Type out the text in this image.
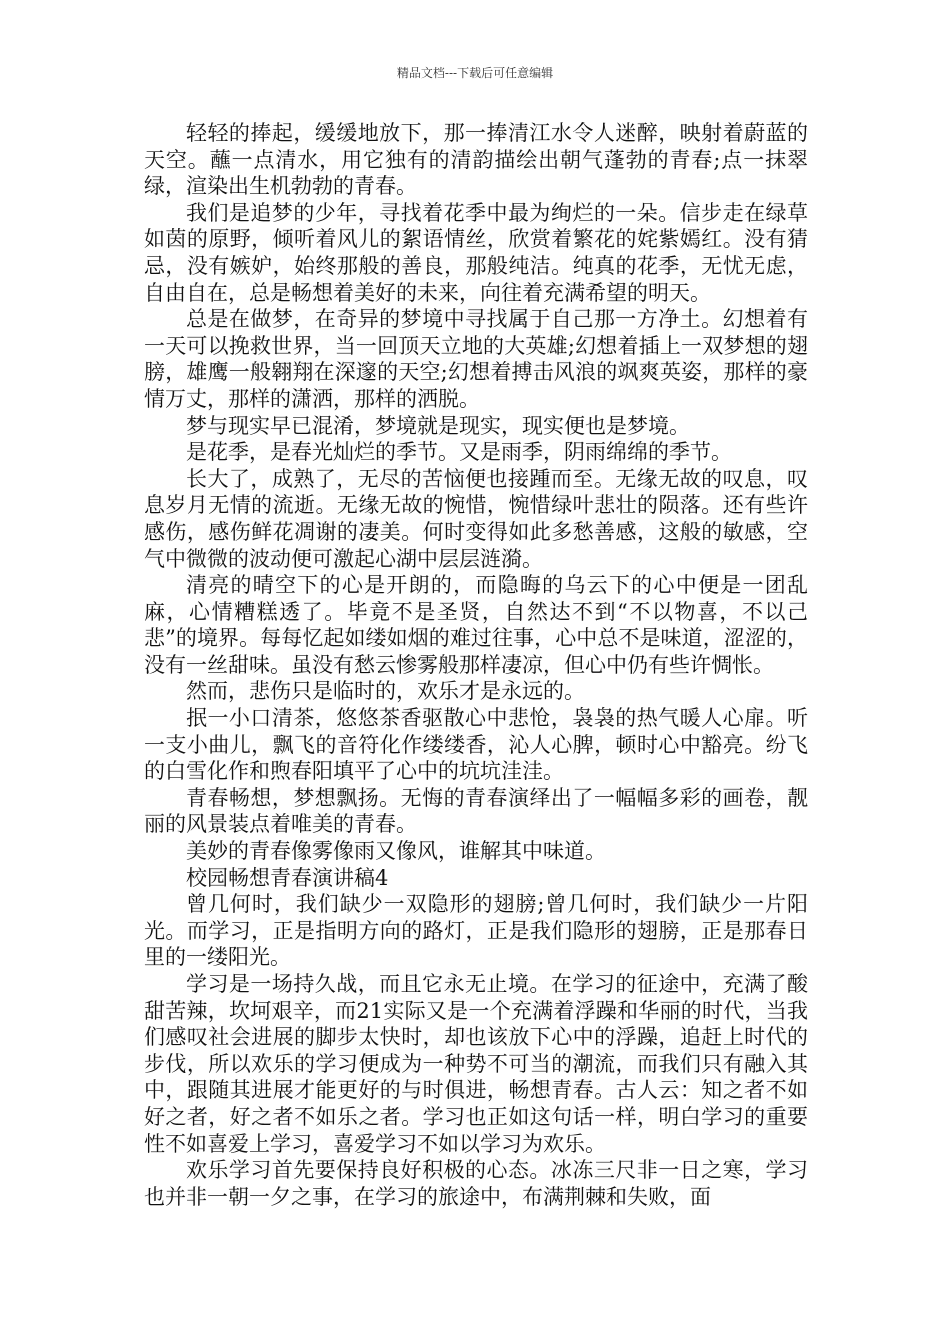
精品文档---下载后可任意编辑

轻轻的捧起，缓缓地放下，那一捧清江水令人迷醉，映射着蔚蓝的天空。蘸一点清水，用它独有的清韵描绘出朝气蓬勃的青春;点一抹翠绿，渲染出生机勃勃的青春。

我们是追梦的少年，寻找着花季中最为绚烂的一朵。信步走在绿草如茵的原野，倾听着风儿的絮语情丝，欣赏着繁花的姹紫嫣红。没有猜忌，没有嫉妒，始终那般的善良，那般纯洁。纯真的花季，无忧无虑，自由自在，总是畅想着美好的未来，向往着充满希望的明天。

总是在做梦，在奇异的梦境中寻找属于自己那一方净土。幻想着有一天可以挽救世界，当一回顶天立地的大英雄;幻想着插上一双梦想的翅膀，雄鹰一般翱翔在深邃的天空;幻想着搏击风浪的飒爽英姿，那样的豪情万丈，那样的潇洒，那样的洒脱。

梦与现实早已混淆，梦境就是现实，现实便也是梦境。

是花季，是春光灿烂的季节。又是雨季，阴雨绵绵的季节。

长大了，成熟了，无尽的苦恼便也接踵而至。无缘无故的叹息，叹息岁月无情的流逝。无缘无故的惋惜，惋惜绿叶悲壮的陨落。还有些许感伤，感伤鲜花凋谢的凄美。何时变得如此多愁善感，这般的敏感，空气中微微的波动便可激起心湖中层层涟漪。

清亮的晴空下的心是开朗的，而隐晦的乌云下的心中便是一团乱麻，心情糟糕透了。毕竟不是圣贤，自然达不到“不以物喜，不以己悲”的境界。每每忆起如缕如烟的难过往事，心中总不是味道，涩涩的，没有一丝甜味。虽没有愁云惨雾般那样凄凉，但心中仍有些许惆怅。

然而，悲伤只是临时的，欢乐才是永远的。

抿一小口清茶，悠悠茶香驱散心中悲怆，袅袅的热气暖人心扉。听一支小曲儿，飘飞的音符化作缕缕香，沁人心脾，顿时心中豁亮。纷飞的白雪化作和煦春阳填平了心中的坑坑洼洼。

青春畅想，梦想飘扬。无悔的青春演绎出了一幅幅多彩的画卷，靓丽的风景装点着唯美的青春。

美妙的青春像雾像雨又像风，谁解其中味道。

校园畅想青春演讲稿4

曾几何时，我们缺少一双隐形的翅膀;曾几何时，我们缺少一片阳光。而学习，正是指明方向的路灯，正是我们隐形的翅膀，正是那春日里的一缕阳光。

学习是一场持久战，而且它永无止境。在学习的征途中，充满了酸甜苦辣，坎坷艰辛，而21实际又是一个充满着浮躁和华丽的时代，当我们感叹社会进展的脚步太快时，却也该放下心中的浮躁，追赶上时代的步伐，所以欢乐的学习便成为一种势不可当的潮流，而我们只有融入其中，跟随其进展才能更好的与时俱进，畅想青春。古人云：知之者不如好之者，好之者不如乐之者。学习也正如这句话一样，明白学习的重要性不如喜爱上学习，喜爱学习不如以学习为欢乐。

欢乐学习首先要保持良好积极的心态。冰冻三尺非一日之寒，学习也并非一朝一夕之事，在学习的旅途中，布满荆棘和失败，面
